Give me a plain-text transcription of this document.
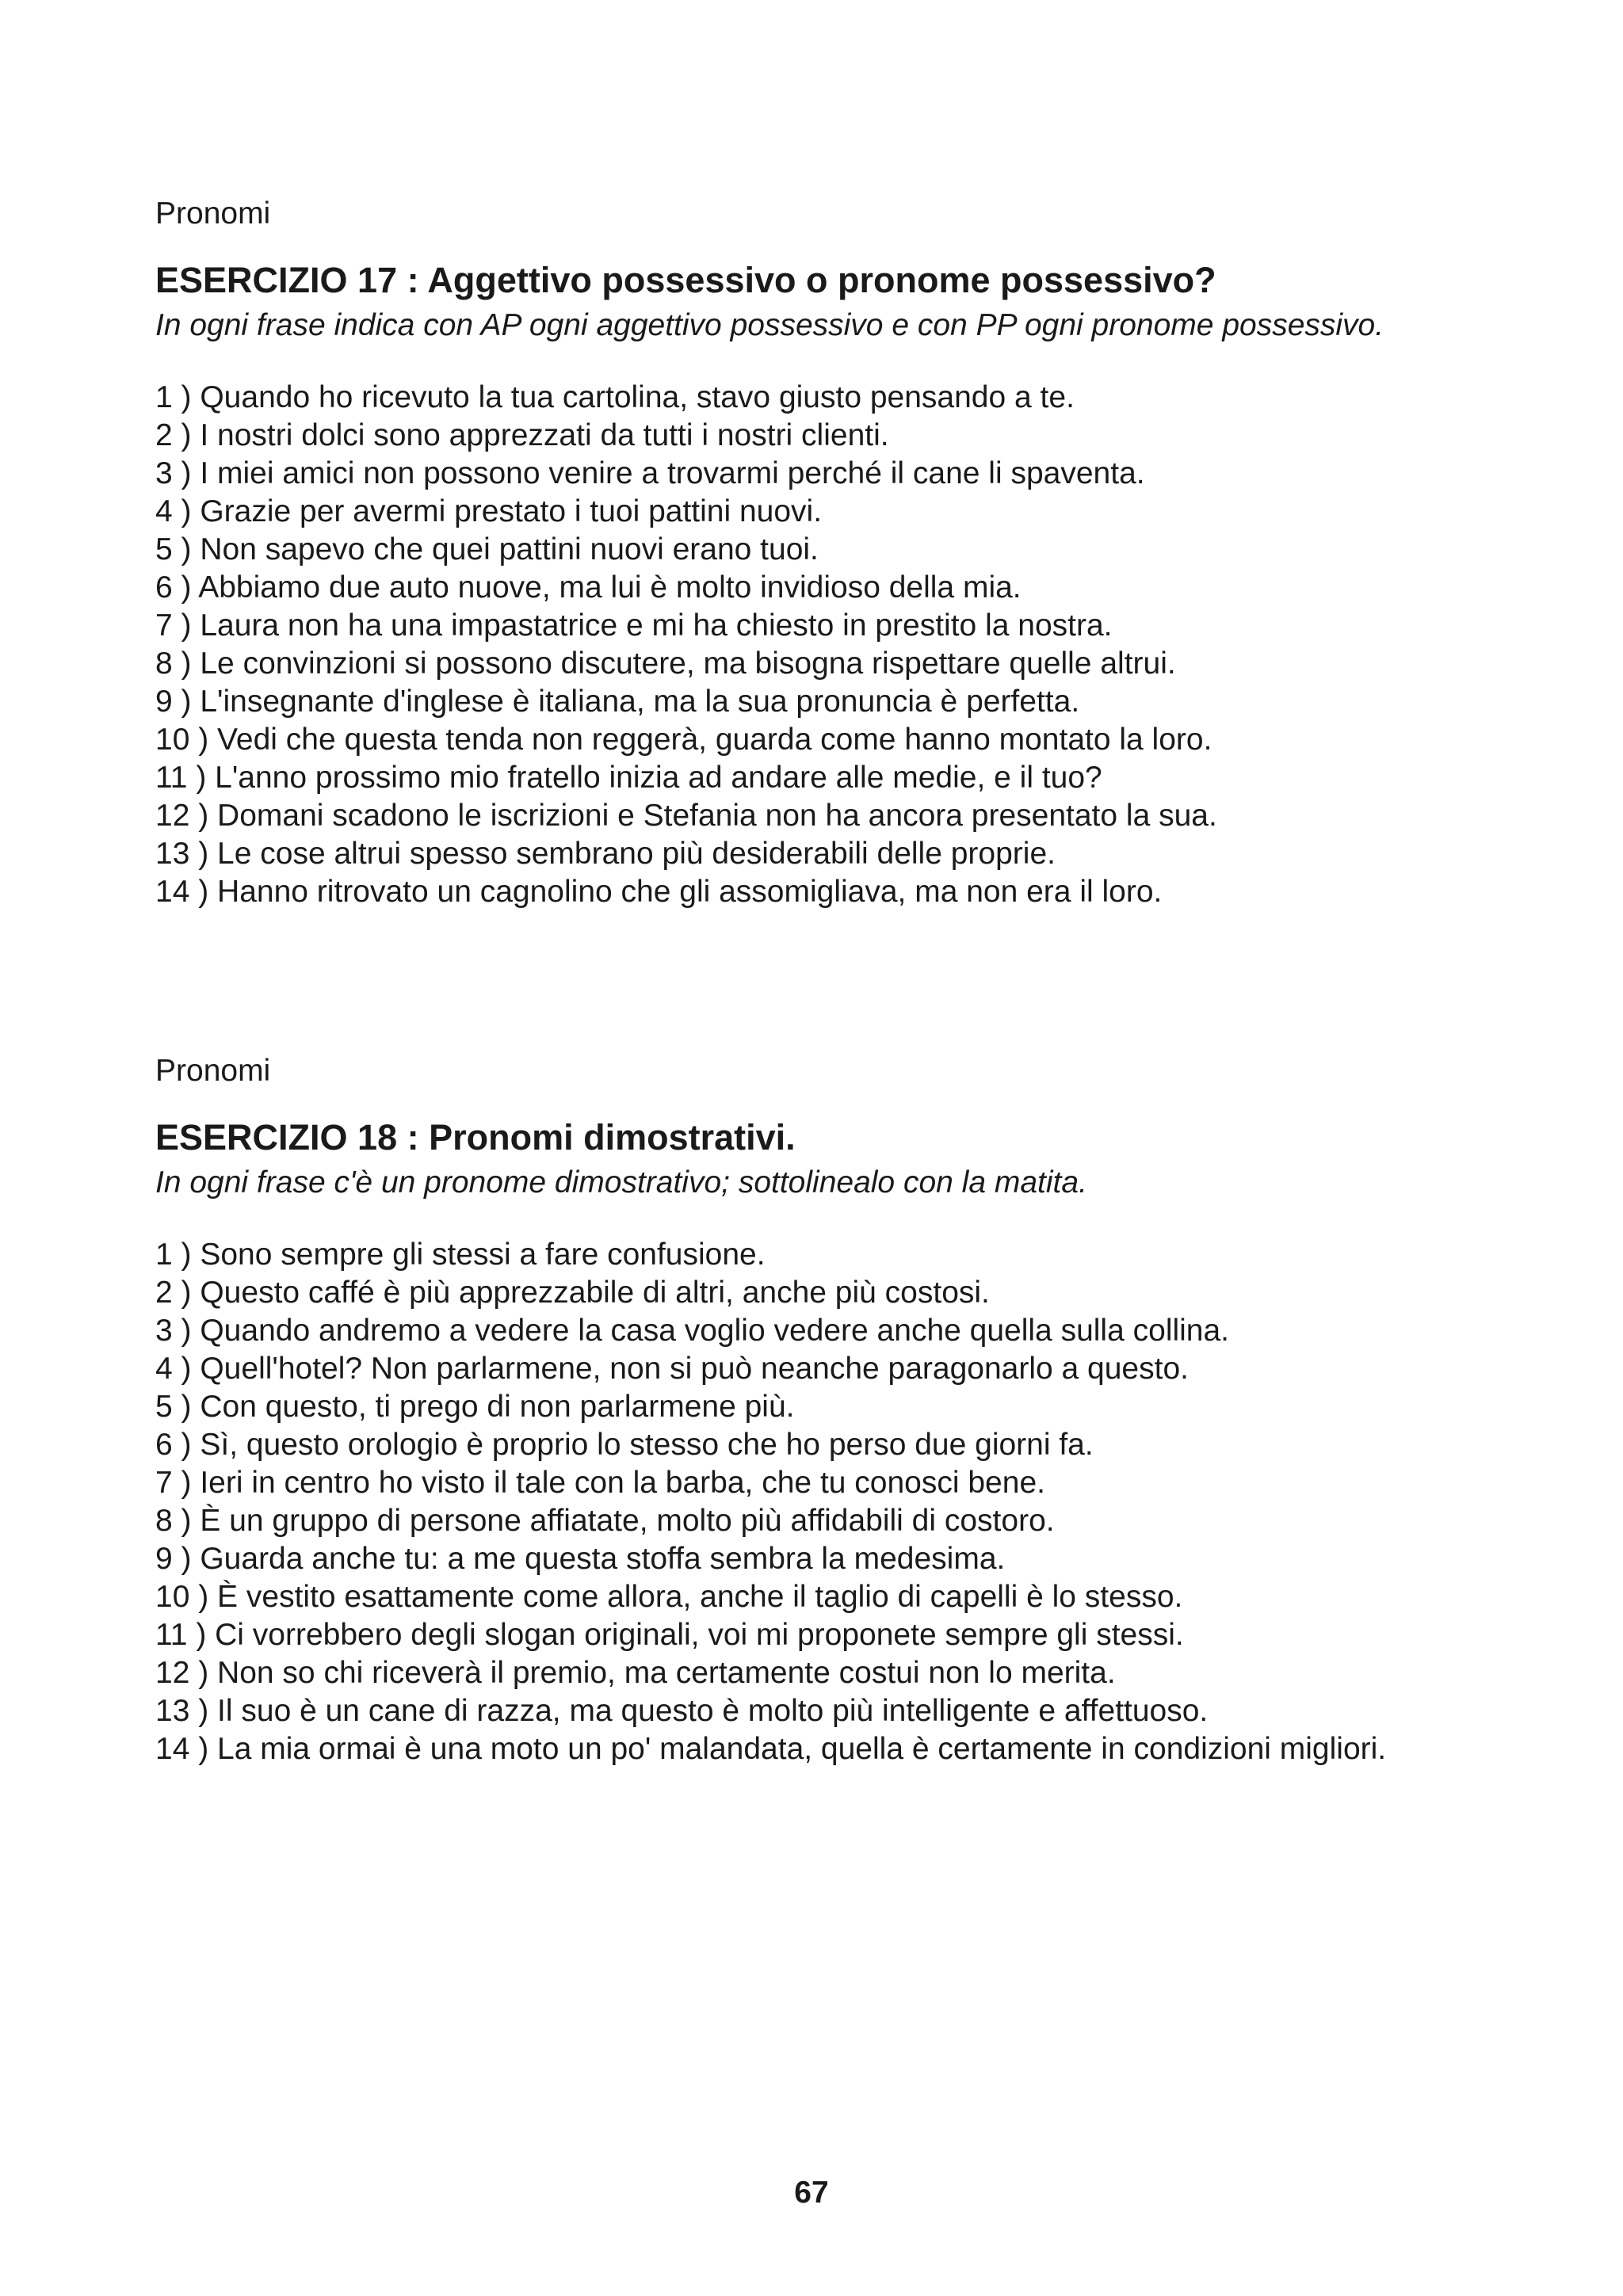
Pronomi

ESERCIZIO 17 : Aggettivo possessivo o pronome possessivo?

In ogni frase indica con AP ogni aggettivo possessivo e con PP ogni pronome possessivo.

1 ) Quando ho ricevuto la tua cartolina, stavo giusto pensando a te.
2 ) I nostri dolci sono apprezzati da tutti i nostri clienti.
3 ) I miei amici non possono venire a trovarmi perché il cane li spaventa.
4 ) Grazie per avermi prestato i tuoi pattini nuovi.
5 ) Non sapevo che quei pattini nuovi erano tuoi.
6 ) Abbiamo due auto nuove, ma lui è molto invidioso della mia.
7 ) Laura non ha una impastatrice e mi ha chiesto in prestito la nostra.
8 ) Le convinzioni si possono discutere, ma bisogna rispettare quelle altrui.
9 ) L'insegnante d'inglese è italiana, ma la sua pronuncia è perfetta.
10 ) Vedi che questa tenda non reggerà, guarda come hanno montato la loro.
11 ) L'anno prossimo mio fratello inizia ad andare alle medie, e il tuo?
12 ) Domani scadono le iscrizioni e Stefania non ha ancora presentato la sua.
13 ) Le cose altrui spesso sembrano più desiderabili delle proprie.
14 ) Hanno ritrovato un cagnolino che gli assomigliava, ma non era il loro.

Pronomi

ESERCIZIO 18 : Pronomi dimostrativi.

In ogni frase c'è un pronome dimostrativo; sottolinealo con la matita.

1 ) Sono sempre gli stessi a fare confusione.
2 ) Questo caffé è più apprezzabile di altri, anche più costosi.
3 ) Quando andremo a vedere la casa voglio vedere anche quella sulla collina.
4 ) Quell'hotel? Non parlarmene, non si può neanche paragonarlo a questo.
5 ) Con questo, ti prego di non parlarmene più.
6 ) Sì, questo orologio è proprio lo stesso che ho perso due giorni fa.
7 ) Ieri in centro ho visto il tale con la barba, che tu conosci bene.
8 ) È un gruppo di persone affiatate, molto più affidabili di costoro.
9 ) Guarda anche tu: a me questa stoffa sembra la medesima.
10 ) È vestito esattamente come allora, anche il taglio di capelli è lo stesso.
11 ) Ci vorrebbero degli slogan originali, voi mi proponete sempre gli stessi.
12 ) Non so chi riceverà il premio, ma certamente costui non lo merita.
13 ) Il suo è un cane di razza, ma questo è molto più intelligente e affettuoso.
14 ) La mia ormai è una moto un po' malandata, quella è certamente in condizioni migliori.
67
